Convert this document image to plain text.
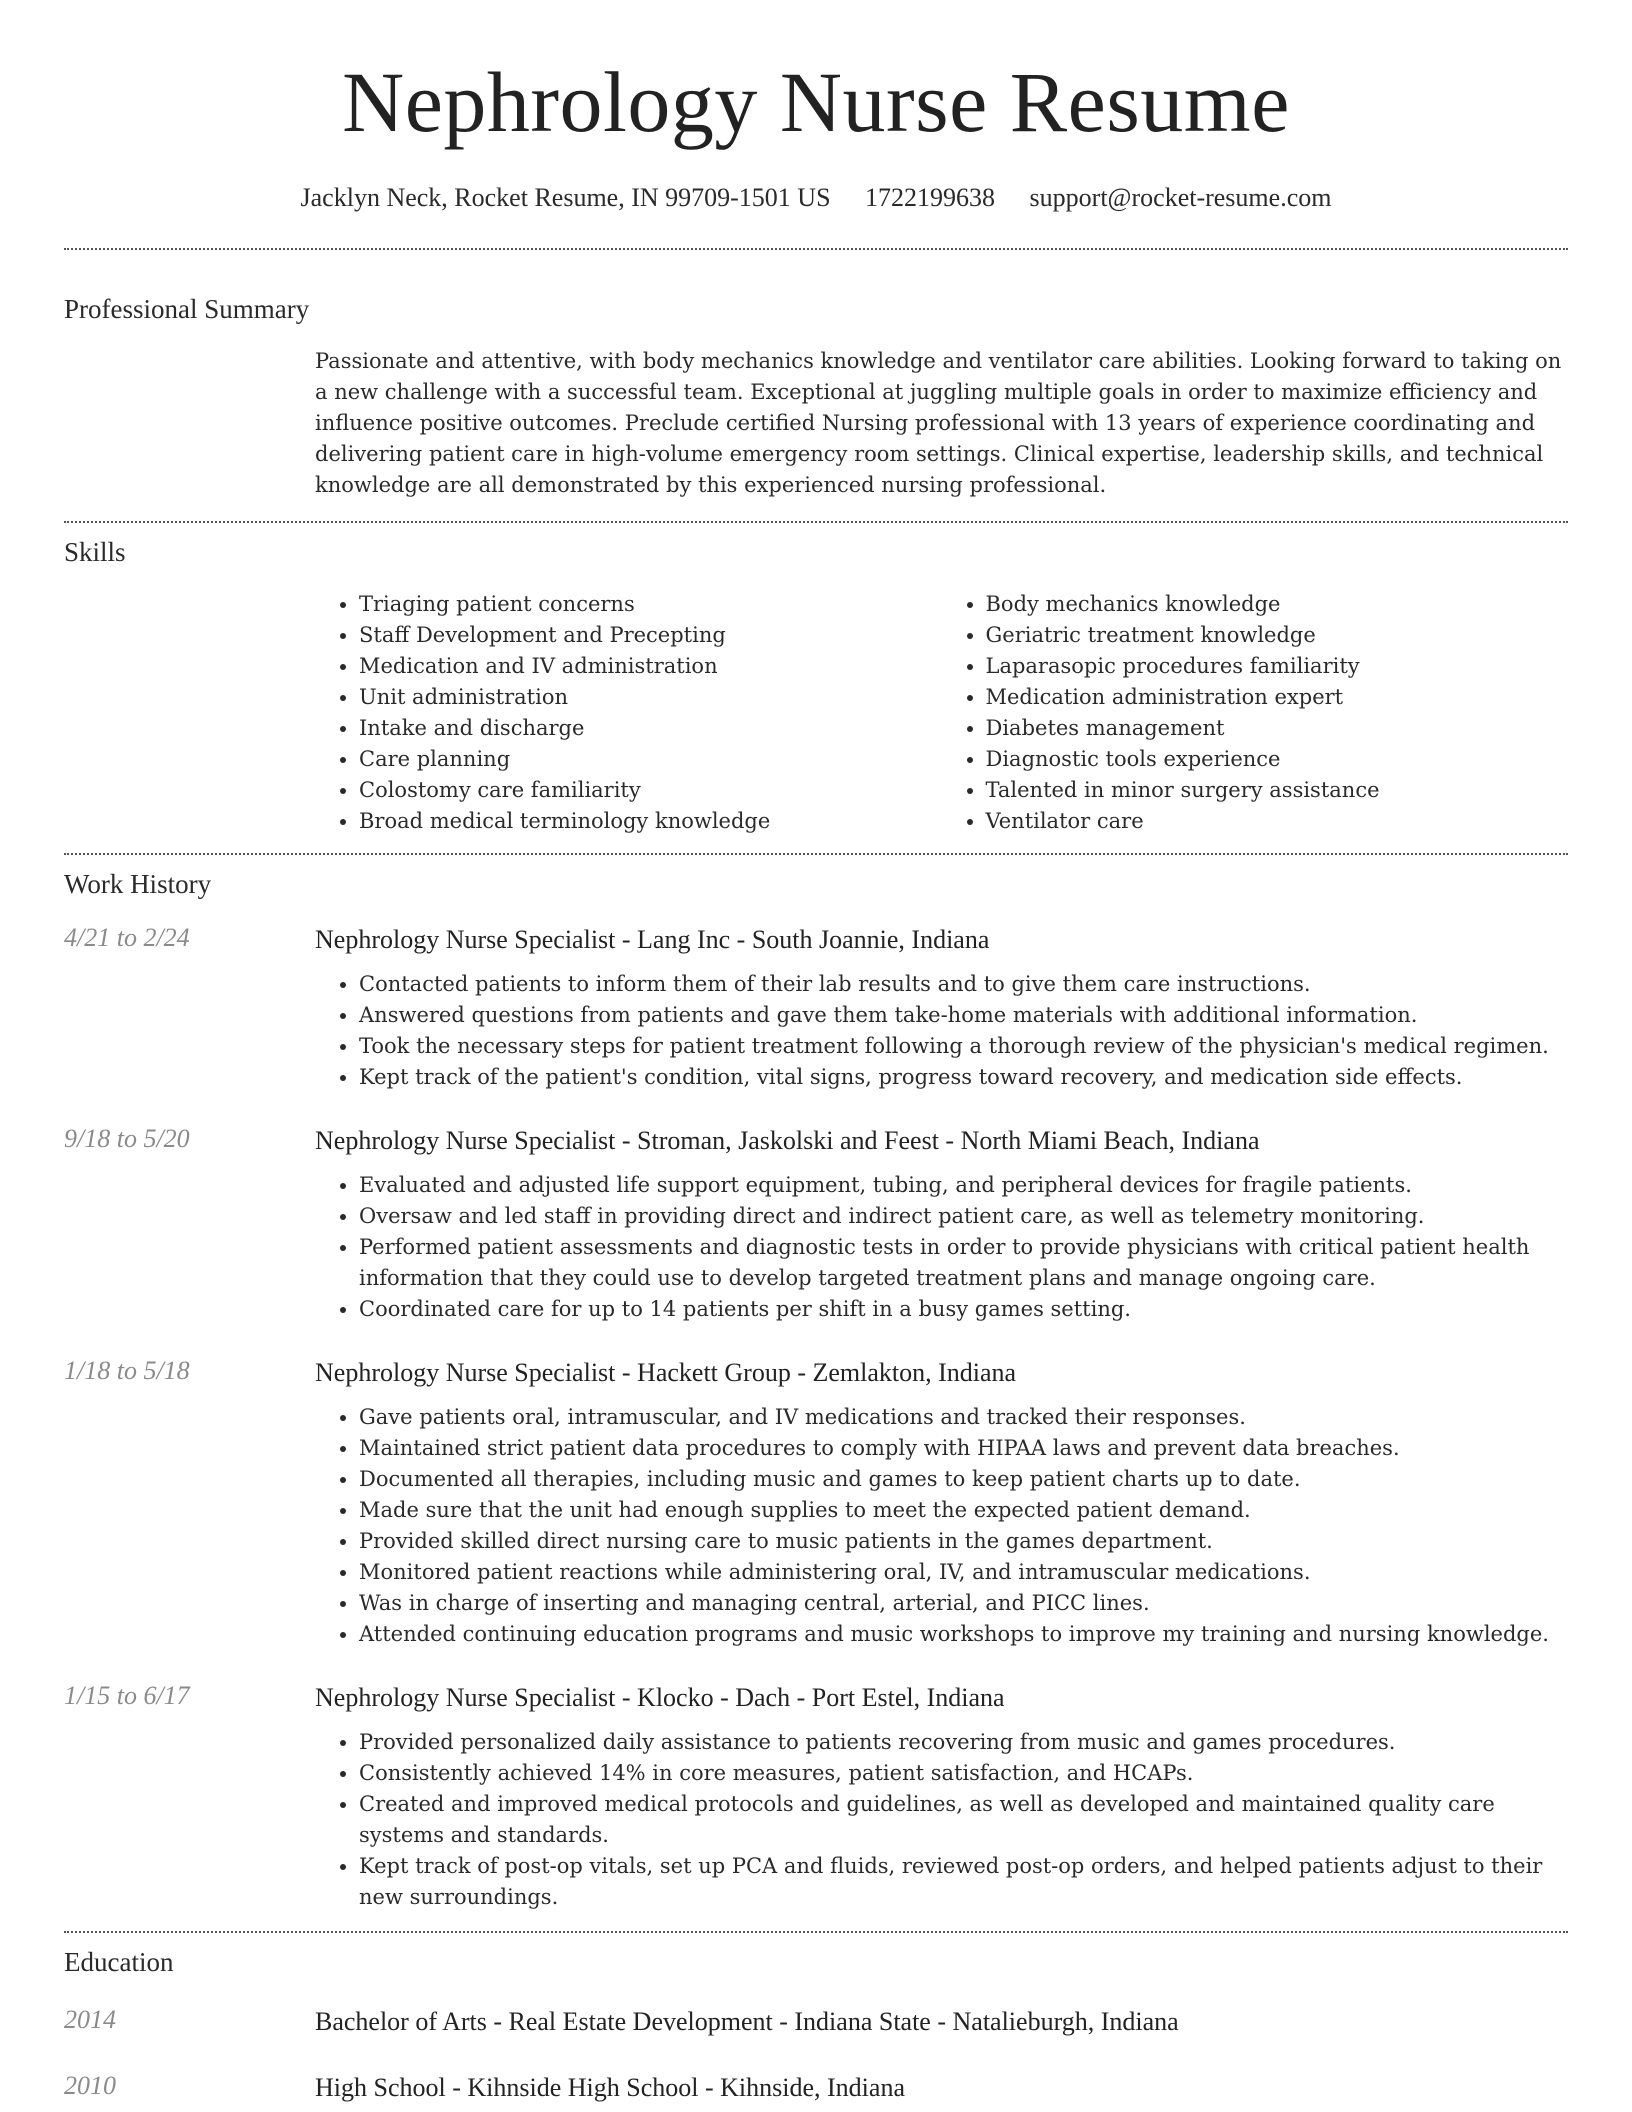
Nephrology Nurse Resume
Jacklyn Neck, Rocket Resume, IN 99709-1501 US 1722199638 support@rocket-resume.com
Professional Summary

Passionate and attentive, with body mechanics knowledge and ventilator care abilities. Looking forward to taking on a new challenge with a successful team. Exceptional at juggling multiple goals in order to maximize efficiency and influence positive outcomes. Preclude certified Nursing professional with 13 years of experience coordinating and delivering patient care in high-volume emergency room settings. Clinical expertise, leadership skills, and technical knowledge are all demonstrated by this experienced nursing professional.

Skills
• Triaging patient concerns
• Staff Development and Precepting
• Medication and IV administration
• Unit administration
• Intake and discharge
• Care planning
• Colostomy care familiarity
• Broad medical terminology knowledge
• Body mechanics knowledge
• Geriatric treatment knowledge
• Laparasopic procedures familiarity
• Medication administration expert
• Diabetes management
• Diagnostic tools experience
• Talented in minor surgery assistance
• Ventilator care
Work History
4/21 to 2/24	Nephrology Nurse Specialist - Lang Inc - South Joannie, Indiana
• Contacted patients to inform them of their lab results and to give them care instructions.
• Answered questions from patients and gave them take-home materials with additional information.
• Took the necessary steps for patient treatment following a thorough review of the physician's medical regimen.
• Kept track of the patient's condition, vital signs, progress toward recovery, and medication side effects.
9/18 to 5/20	Nephrology Nurse Specialist - Stroman, Jaskolski and Feest - North Miami Beach, Indiana
• Evaluated and adjusted life support equipment, tubing, and peripheral devices for fragile patients.
• Oversaw and led staff in providing direct and indirect patient care, as well as telemetry monitoring.
• Performed patient assessments and diagnostic tests in order to provide physicians with critical patient health information that they could use to develop targeted treatment plans and manage ongoing care.
• Coordinated care for up to 14 patients per shift in a busy games setting.
1/18 to 5/18	Nephrology Nurse Specialist - Hackett Group - Zemlakton, Indiana
• Gave patients oral, intramuscular, and IV medications and tracked their responses.
• Maintained strict patient data procedures to comply with HIPAA laws and prevent data breaches.
• Documented all therapies, including music and games to keep patient charts up to date.
• Made sure that the unit had enough supplies to meet the expected patient demand.
• Provided skilled direct nursing care to music patients in the games department.
• Monitored patient reactions while administering oral, IV, and intramuscular medications.
• Was in charge of inserting and managing central, arterial, and PICC lines.
• Attended continuing education programs and music workshops to improve my training and nursing knowledge.
1/15 to 6/17	Nephrology Nurse Specialist - Klocko - Dach - Port Estel, Indiana
• Provided personalized daily assistance to patients recovering from music and games procedures.
• Consistently achieved 14% in core measures, patient satisfaction, and HCAPs.
• Created and improved medical protocols and guidelines, as well as developed and maintained quality care systems and standards.
• Kept track of post-op vitals, set up PCA and fluids, reviewed post-op orders, and helped patients adjust to their new surroundings.
Education
2014	Bachelor of Arts - Real Estate Development - Indiana State - Natalieburgh, Indiana
2010	High School - Kihnside High School - Kihnside, Indiana
